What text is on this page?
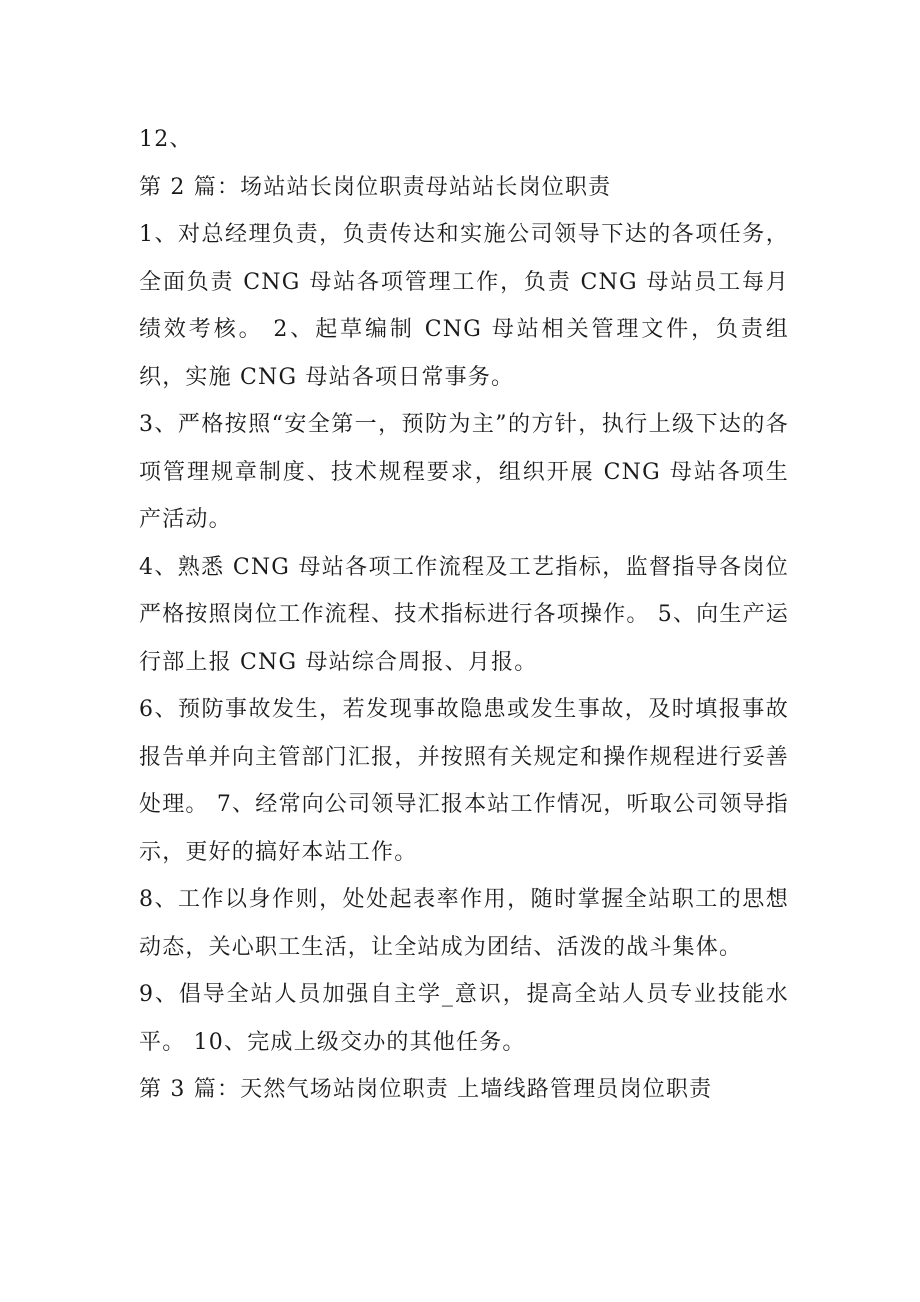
12、

第 2 篇：场站站长岗位职责母站站长岗位职责

1、对总经理负责，负责传达和实施公司领导下达的各项任务，全面负责 CNG 母站各项管理工作，负责 CNG 母站员工每月绩效考核。 2、起草编制 CNG 母站相关管理文件，负责组织，实施 CNG 母站各项日常事务。

3、严格按照“安全第一，预防为主”的方针，执行上级下达的各项管理规章制度、技术规程要求，组织开展 CNG 母站各项生产活动。

4、熟悉 CNG 母站各项工作流程及工艺指标，监督指导各岗位严格按照岗位工作流程、技术指标进行各项操作。 5、向生产运行部上报 CNG 母站综合周报、月报。

6、预防事故发生，若发现事故隐患或发生事故，及时填报事故报告单并向主管部门汇报，并按照有关规定和操作规程进行妥善处理。 7、经常向公司领导汇报本站工作情况，听取公司领导指示，更好的搞好本站工作。

8、工作以身作则，处处起表率作用，随时掌握全站职工的思想动态，关心职工生活，让全站成为团结、活泼的战斗集体。

9、倡导全站人员加强自主学_意识，提高全站人员专业技能水平。 10、完成上级交办的其他任务。

第 3 篇：天然气场站岗位职责 上墙线路管理员岗位职责
